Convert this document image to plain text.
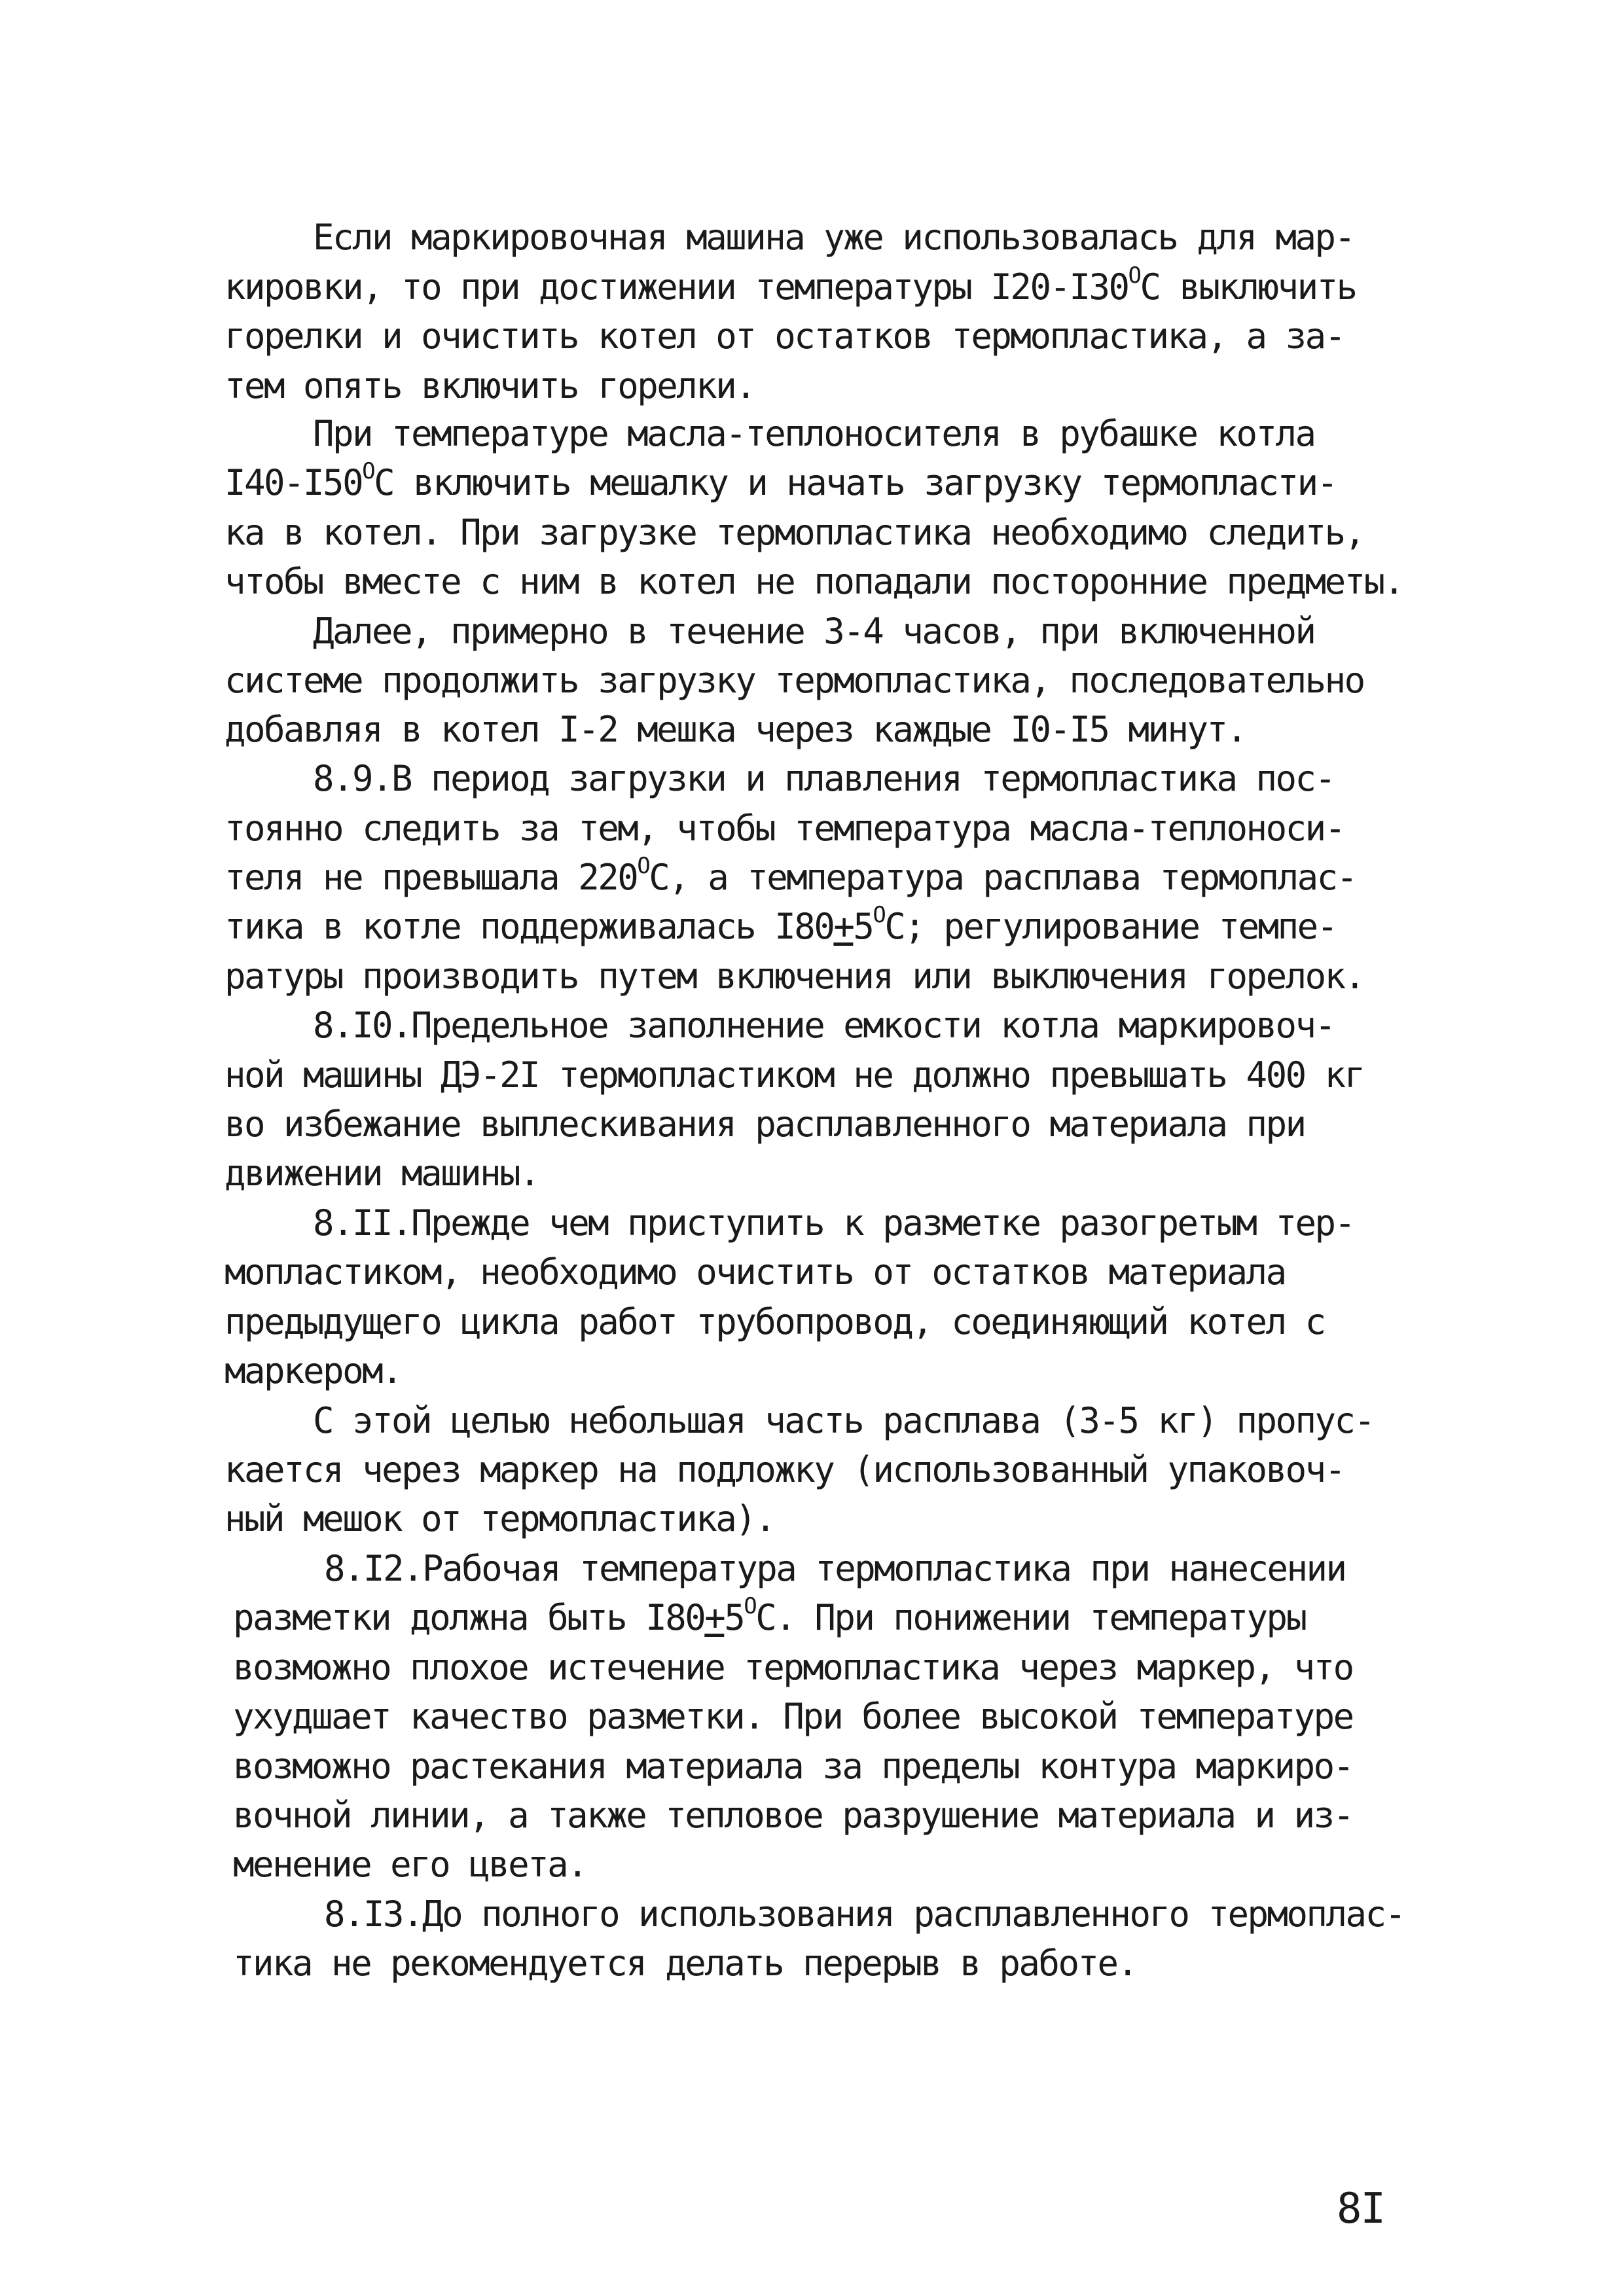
Если маркировочная машина уже использовалась для мар-
кировки, то при достижении температуры $I20-I30^ОС$ выключить
горелки и очистить котел от остатков термопластика, а за-
тем опять включить горелки.
При температуре масла-теплоносителя в рубашке котла
$I40-I50^ОС$ включить мешалку и начать загрузку термопласти-
ка в котел. При загрузке термопластика необходимо следить,
чтобы вместе с ним в котел не попадали посторонние предметы.
Далее, примерно в течение 3-4 часов, при включенной
системе продолжить загрузку термопластика, последовательно
добавляя в котел I-2 мешка через каждые I0-I5 минут.
8.9.В период загрузки и плавления термопластика пос-
тоянно следить за тем, чтобы температура масла-теплоноси-
теля не превышала $220^ОС$, а температура расплава термоплас-
тика в котле поддерживалась $I80+5^ОС$; регулирование темпе-
ратуры производить путем включения или выключения горелок.
8.I0.Предельное заполнение емкости котла маркировоч-
ной машины ДЭ-2I термопластиком не должно превышать 400 кг
во избежание выплескивания расплавленного материала при
движении машины.
8.II.Прежде чем приступить к разметке разогретым тер-
мопластиком, необходимо очистить от остатков материала
предыдущего цикла работ трубопровод, соединяющий котел с
маркером.
С этой целью небольшая часть расплава (3-5 кг) пропус-
кается через маркер на подложку (использованный упаковоч-
ный мешок от термопластика).
8.I2.Рабочая температура термопластика при нанесении
разметки должна быть $I80+5^ОС$. При понижении температуры
возможно плохое истечение термопластика через маркер, что
ухудшает качество разметки. При более высокой температуре
возможно растекания материала за пределы контура маркиро-
вочной линии, а также тепловое разрушение материала и из-
менение его цвета.
8.I3.До полного использования расплавленного термоплас-
тика не рекомендуется делать перерыв в работе.
8I
